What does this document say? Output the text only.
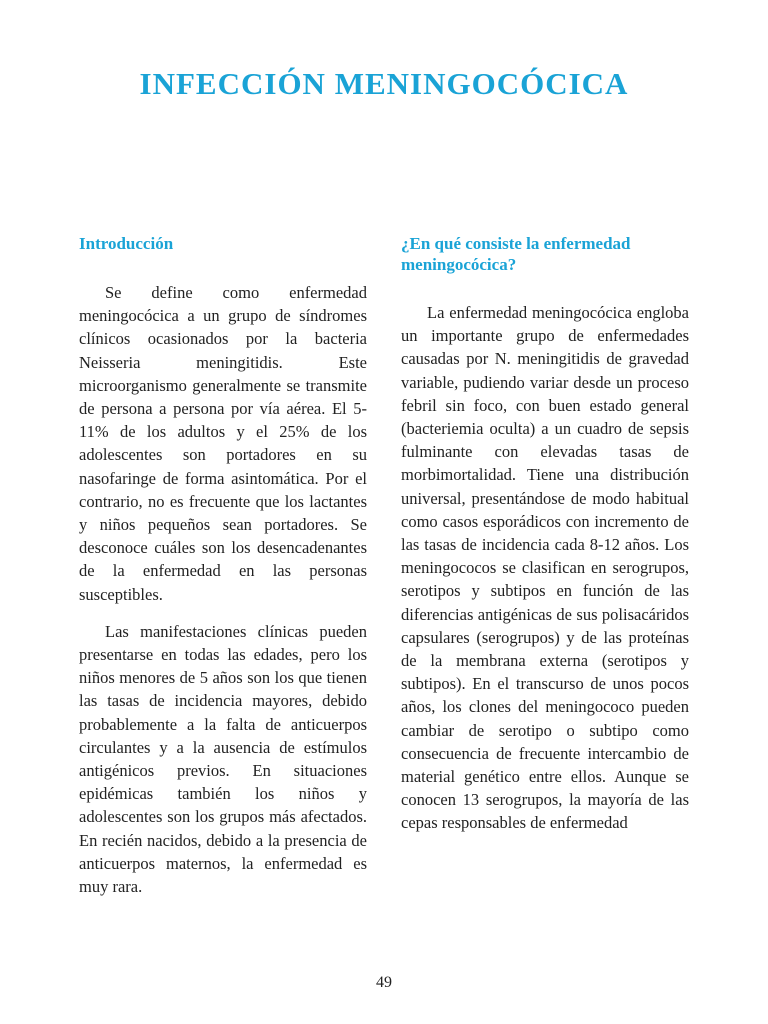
INFECCIÓN MENINGOCÓCICA
Introducción

Se define como enfermedad meningocócica a un grupo de síndromes clínicos ocasionados por la bacteria Neisseria meningitidis. Este microorganismo generalmente se transmite de persona a persona por vía aérea. El 5-11% de los adultos y el 25% de los adolescentes son portadores en su nasofaringe de forma asintomática. Por el contrario, no es frecuente que los lactantes y niños pequeños sean portadores. Se desconoce cuáles son los desencadenantes de la enfermedad en las personas susceptibles.

Las manifestaciones clínicas pueden presentarse en todas las edades, pero los niños menores de 5 años son los que tienen las tasas de incidencia mayores, debido probablemente a la falta de anticuerpos circulantes y a la ausencia de estímulos antigénicos previos. En situaciones epidémicas también los niños y adolescentes son los grupos más afectados. En recién nacidos, debido a la presencia de anticuerpos maternos, la enfermedad es muy rara.

¿En qué consiste la enfermedad meningocócica?

La enfermedad meningocócica engloba un importante grupo de enfermedades causadas por N. meningitidis de gravedad variable, pudiendo variar desde un proceso febril sin foco, con buen estado general (bacteriemia oculta) a un cuadro de sepsis fulminante con elevadas tasas de morbimortalidad. Tiene una distribución universal, presentándose de modo habitual como casos esporádicos con incremento de las tasas de incidencia cada 8-12 años. Los meningococos se clasifican en serogrupos, serotipos y subtipos en función de las diferencias antigénicas de sus polisacáridos capsulares (serogrupos) y de las proteínas de la membrana externa (serotipos y subtipos). En el transcurso de unos pocos años, los clones del meningococo pueden cambiar de serotipo o subtipo como consecuencia de frecuente intercambio de material genético entre ellos. Aunque se conocen 13 serogrupos, la mayoría de las cepas responsables de enfermedad

49
